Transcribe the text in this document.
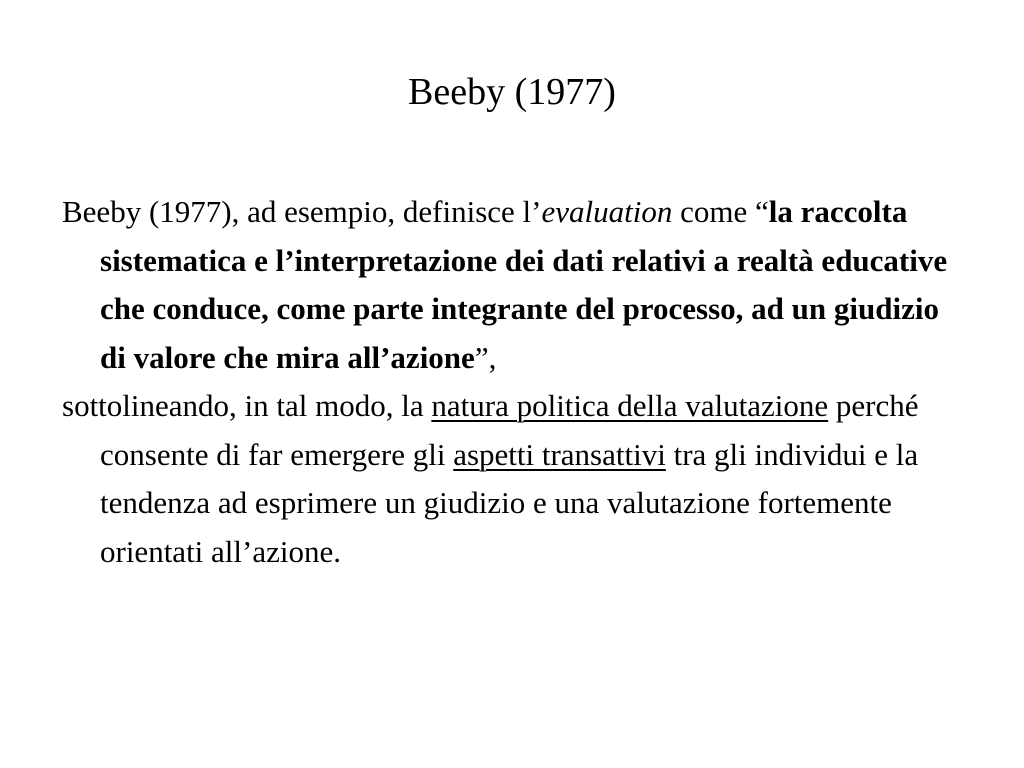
Beeby (1977)

Beeby (1977), ad esempio, definisce l’evaluation come “la raccolta sistematica e l’interpretazione dei dati relativi a realtà educative che conduce, come parte integrante del processo, ad un giudizio di valore che mira all’azione”,

sottolineando, in tal modo, la natura politica della valutazione perché consente di far emergere gli aspetti transattivi tra gli individui e la tendenza ad esprimere un giudizio e una valutazione fortemente orientati all’azione.
